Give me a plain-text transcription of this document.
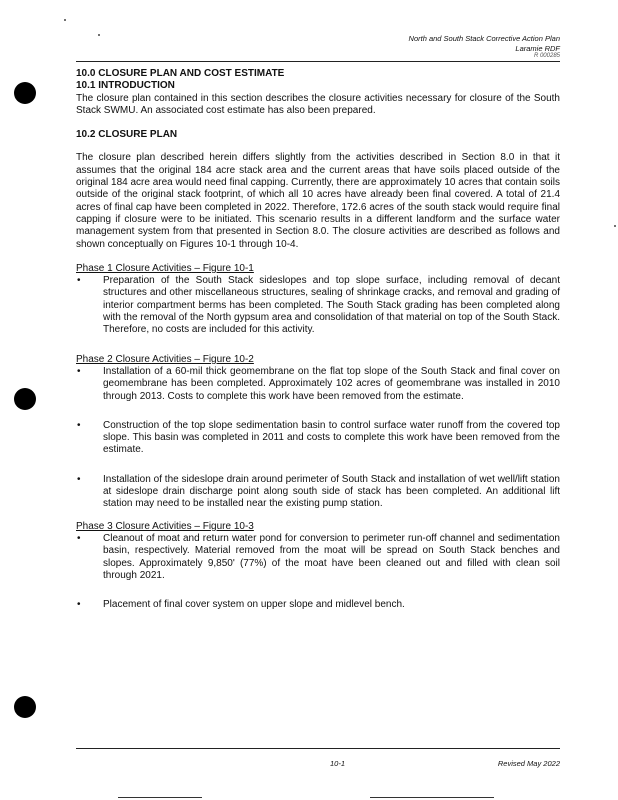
North and South Stack Corrective Action Plan
Laramie RDF
R 000285

10.0 CLOSURE PLAN AND COST ESTIMATE

10.1 INTRODUCTION

The closure plan contained in this section describes the closure activities necessary for closure of the South Stack SWMU. An associated cost estimate has also been prepared.

10.2 CLOSURE PLAN

The closure plan described herein differs slightly from the activities described in Section 8.0 in that it assumes that the original 184 acre stack area and the current areas that have soils placed outside of the original 184 acre area would need final capping. Currently, there are approximately 10 acres that contain soils outside of the original stack footprint, of which all 10 acres have already been final covered. A total of 21.4 acres of final cap have been completed in 2022. Therefore, 172.6 acres of the south stack would require final capping if closure were to be initiated. This scenario results in a different landform and the surface water management system from that presented in Section 8.0. The closure activities are described as follows and shown conceptually on Figures 10-1 through 10-4.

Phase 1 Closure Activities – Figure 10-1

• Preparation of the South Stack sideslopes and top slope surface, including removal of decant structures and other miscellaneous structures, sealing of shrinkage cracks, and removal and grading of interior compartment berms has been completed. The South Stack grading has been completed along with the removal of the North gypsum area and consolidation of that material on top of the South Stack. Therefore, no costs are included for this activity.

Phase 2 Closure Activities – Figure 10-2

• Installation of a 60-mil thick geomembrane on the flat top slope of the South Stack and final cover on geomembrane has been completed. Approximately 102 acres of geomembrane was installed in 2010 through 2013. Costs to complete this work have been removed from the estimate.
• Construction of the top slope sedimentation basin to control surface water runoff from the covered top slope. This basin was completed in 2011 and costs to complete this work have been removed from the estimate.
• Installation of the sideslope drain around perimeter of South Stack and installation of wet well/lift station at sideslope drain discharge point along south side of stack has been completed. An additional lift station may need to be installed near the existing pump station.

Phase 3 Closure Activities – Figure 10-3

• Cleanout of moat and return water pond for conversion to perimeter run-off channel and sedimentation basin, respectively. Material removed from the moat will be spread on South Stack benches and slopes. Approximately 9,850' (77%) of the moat have been cleaned out and filled with clean soil through 2021.
• Placement of final cover system on upper slope and midlevel bench.
10-1	Revised May 2022
